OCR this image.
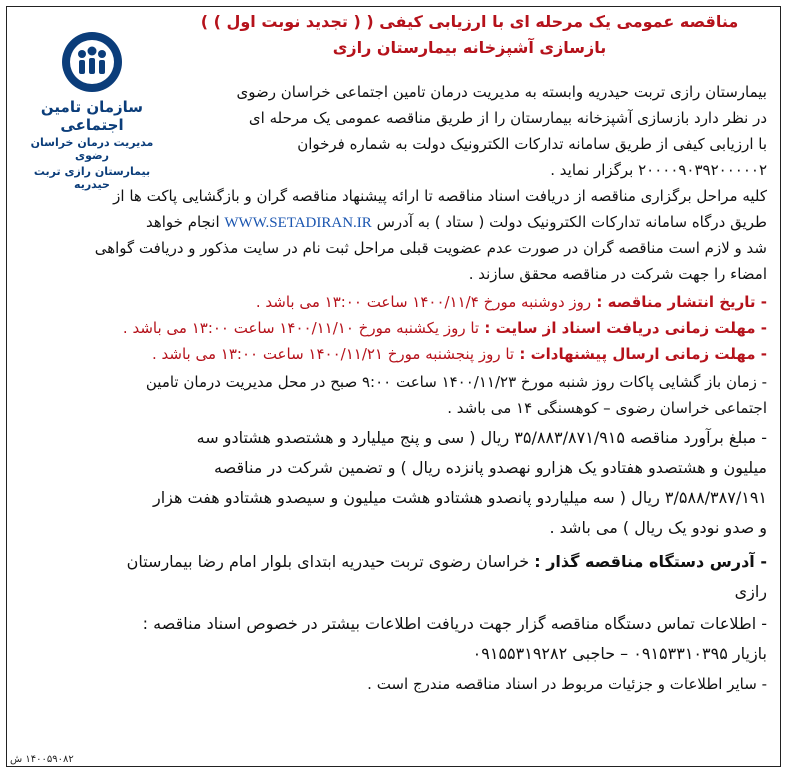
مناقصه عمومی یک مرحله ای با ارزیابی کیفی ( ( تجدید نوبت اول ) )
بازسازی آشپزخانه بیمارستان رازی
سازمان تامین اجتماعی
مدیریت درمان خراسان رضوی
بیمارستان رازی تربت حیدریه
بیمارستان رازی تربت حیدریه وابسته به مدیریت درمان تامین اجتماعی خراسان رضوی
در نظر دارد بازسازی آشپزخانه بیمارستان را از طریق مناقصه عمومی یک مرحله ای
با ارزیابی کیفی از طریق سامانه تدارکات الکترونیک دولت به شماره فرخوان
۲۰۰۰۰۹۰۳۹۲۰۰۰۰۰۲ برگزار نماید .
کلیه مراحل برگزاری مناقصه از دریافت اسناد مناقصه تا ارائه پیشنهاد مناقصه گران و بازگشایی پاکت ها از
طریق درگاه سامانه تدارکات الکترونیک دولت ( ستاد ) به آدرس WWW.SETADIRAN.IR انجام خواهد
شد و لازم است مناقصه گران در صورت عدم عضویت قبلی مراحل ثبت نام در سایت مذکور و دریافت گواهی
امضاء را جهت شرکت در مناقصه محقق سازند .
- تاریخ انتشار مناقصه : روز دوشنبه مورخ ۱۴۰۰/۱۱/۴ ساعت ۱۳:۰۰ می باشد .
- مهلت زمانی دریافت اسناد از سایت : تا روز یکشنبه مورخ ۱۴۰۰/۱۱/۱۰ ساعت ۱۳:۰۰ می باشد .
- مهلت زمانی ارسال پیشنهادات : تا روز پنجشنبه مورخ ۱۴۰۰/۱۱/۲۱ ساعت ۱۳:۰۰ می باشد .
- زمان باز گشایی پاکات روز شنبه مورخ ۱۴۰۰/۱۱/۲۳ ساعت ۹:۰۰ صبح در محل مدیریت درمان تامین
اجتماعی خراسان رضوی – کوهسنگی ۱۴ می باشد .
- مبلغ برآورد مناقصه ۳۵/۸۸۳/۸۷۱/۹۱۵ ریال ( سی و پنج میلیارد و هشتصدو هشتادو سه
میلیون و هشتصدو هفتادو یک هزارو نهصدو پانزده ریال ) و تضمین شرکت در مناقصه
۳/۵۸۸/۳۸۷/۱۹۱ ریال ( سه میلیاردو پانصدو هشتادو هشت میلیون و سیصدو هشتادو هفت هزار
و صدو نودو یک ریال ) می باشد .
- آدرس دستگاه مناقصه گذار : خراسان رضوی تربت حیدریه ابتدای بلوار امام رضا بیمارستان
رازی
- اطلاعات تماس دستگاه مناقصه گزار جهت دریافت اطلاعات بیشتر در خصوص اسناد مناقصه :
بازیار ۰۹۱۵۳۳۱۰۳۹۵ – حاجبی ۰۹۱۵۵۳۱۹۲۸۲
- سایر اطلاعات و جزئیات مربوط در اسناد مناقصه مندرج است .
۱۴۰۰۵۹۰۸۲ ش
